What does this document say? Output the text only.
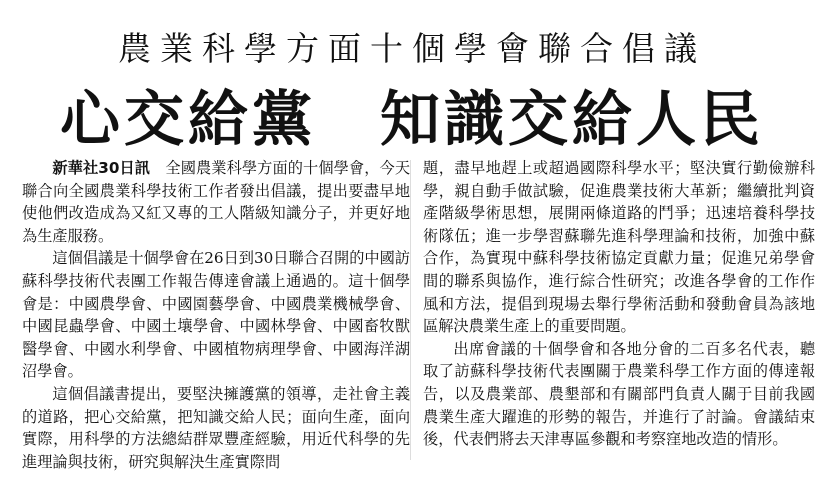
農業科學方面十個學會聯合倡議
心交給黨　知識交給人民

新華社30日訊　全國農業科學方面的十個學會，今天聯合向全國農業科學技術工作者發出倡議，提出要盡早地使他們改造成為又紅又專的工人階級知識分子，并更好地為生產服務。

這個倡議是十個學會在26日到30日聯合召開的中國訪蘇科學技術代表團工作報告傳達會議上通過的。這十個學會是：中國農學會、中國園藝學會、中國農業機械學會、中國昆蟲學會、中國土壤學會、中國林學會、中國畜牧獸醫學會、中國水利學會、中國植物病理學會、中國海洋湖沼學會。

這個倡議書提出，要堅決擁護黨的領導，走社會主義的道路，把心交給黨，把知識交給人民；面向生產，面向實際，用科學的方法總結群眾豐產經驗，用近代科學的先進理論與技術，研究與解決生產實際問

題，盡早地趕上或超過國際科學水平；堅決實行勤儉辦科學，親自動手做試驗，促進農業技術大革新；繼續批判資產階級學術思想，展開兩條道路的鬥爭；迅速培養科學技術隊伍；進一步學習蘇聯先進科學理論和技術，加強中蘇合作，為實現中蘇科學技術協定貢獻力量；促進兄弟學會間的聯系與協作，進行綜合性研究；改進各學會的工作作風和方法，提倡到現場去舉行學術活動和發動會員為該地區解決農業生產上的重要問題。

出席會議的十個學會和各地分會的二百多名代表，聽取了訪蘇科學技術代表團關于農業科學工作方面的傳達報告，以及農業部、農墾部和有關部門負責人關于目前我國農業生產大躍進的形勢的報告，并進行了討論。會議結束後，代表們將去天津專區參觀和考察窪地改造的情形。
